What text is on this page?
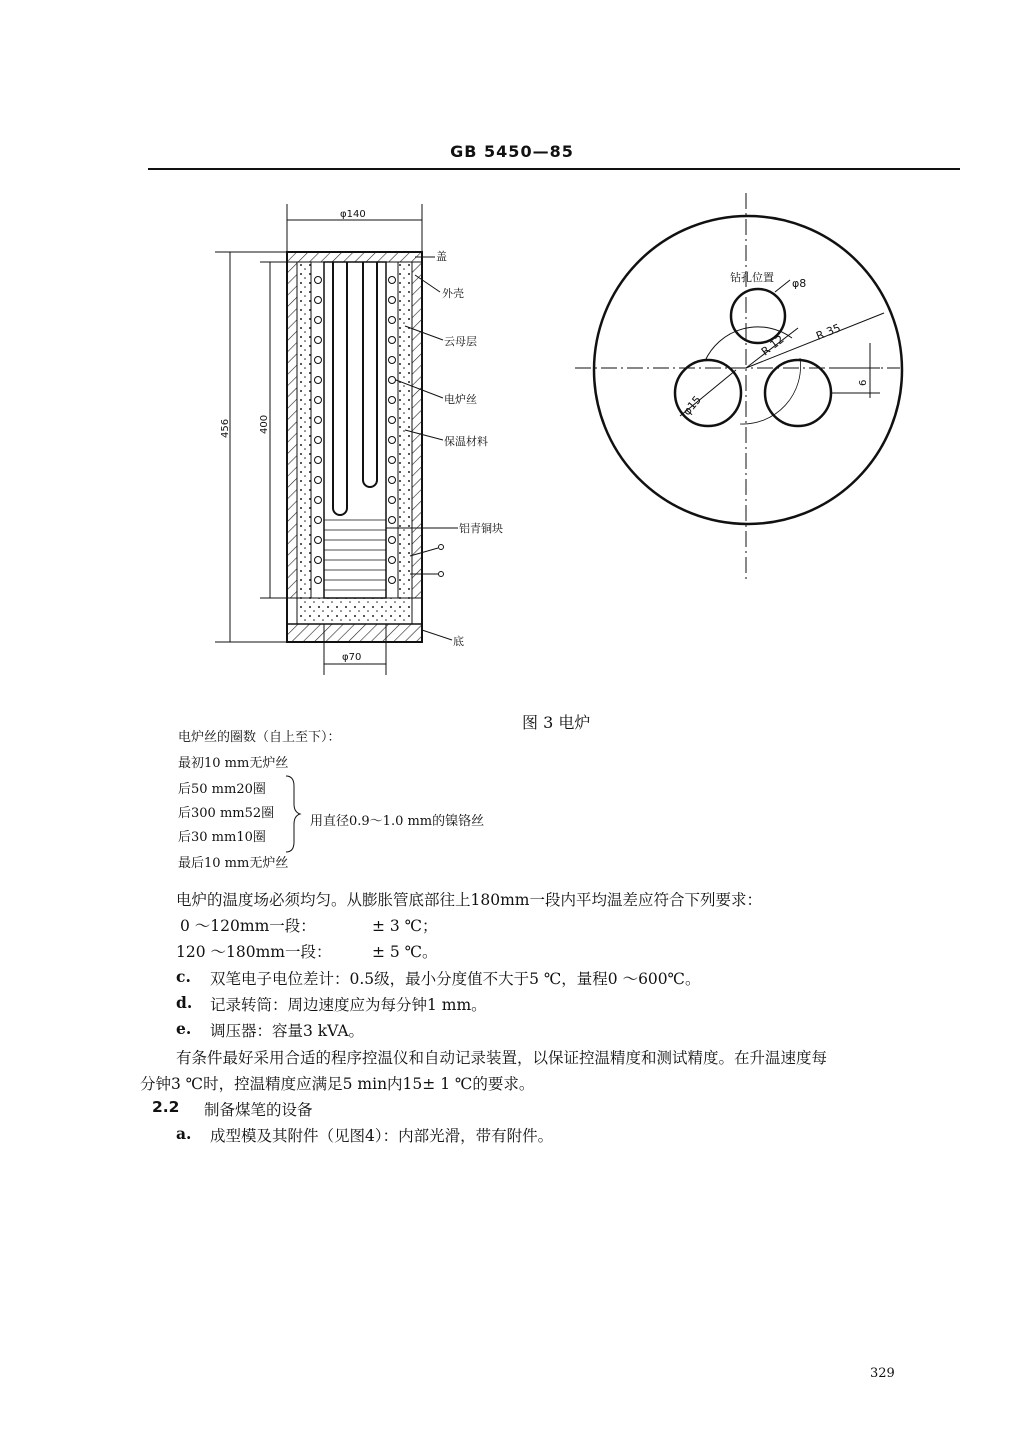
GB 5450—85
φ140
456	400
φ70
盖
外壳
云母层
电炉丝
保温材料
铝青铜块
底
钻孔位置 φ8
R 35
R 12
φ15
6
图 3 电炉
电炉丝的圈数（自上至下）：
最初10 mm无炉丝
后50 mm20圈
后300 mm52圈
后30 mm10圈
最后10 mm无炉丝
用直径0.9～1.0 mm的镍铬丝
电炉的温度场必须均匀。从膨胀管底部往上180mm一段内平均温差应符合下列要求：
0 ～120mm一段：	± 3 ℃；
120 ～180mm一段：	± 5 ℃。
c. 双笔电子电位差计：0.5级，最小分度值不大于5 ℃，量程0 ～600℃。
d. 记录转筒：周边速度应为每分钟1 mm。
e. 调压器：容量3 kVA。
有条件最好采用合适的程序控温仪和自动记录装置，以保证控温精度和测试精度。在升温速度每
分钟3 ℃时，控温精度应满足5 min内15± 1 ℃的要求。
2.2 制备煤笔的设备
a. 成型模及其附件（见图4）：内部光滑，带有附件。
329
